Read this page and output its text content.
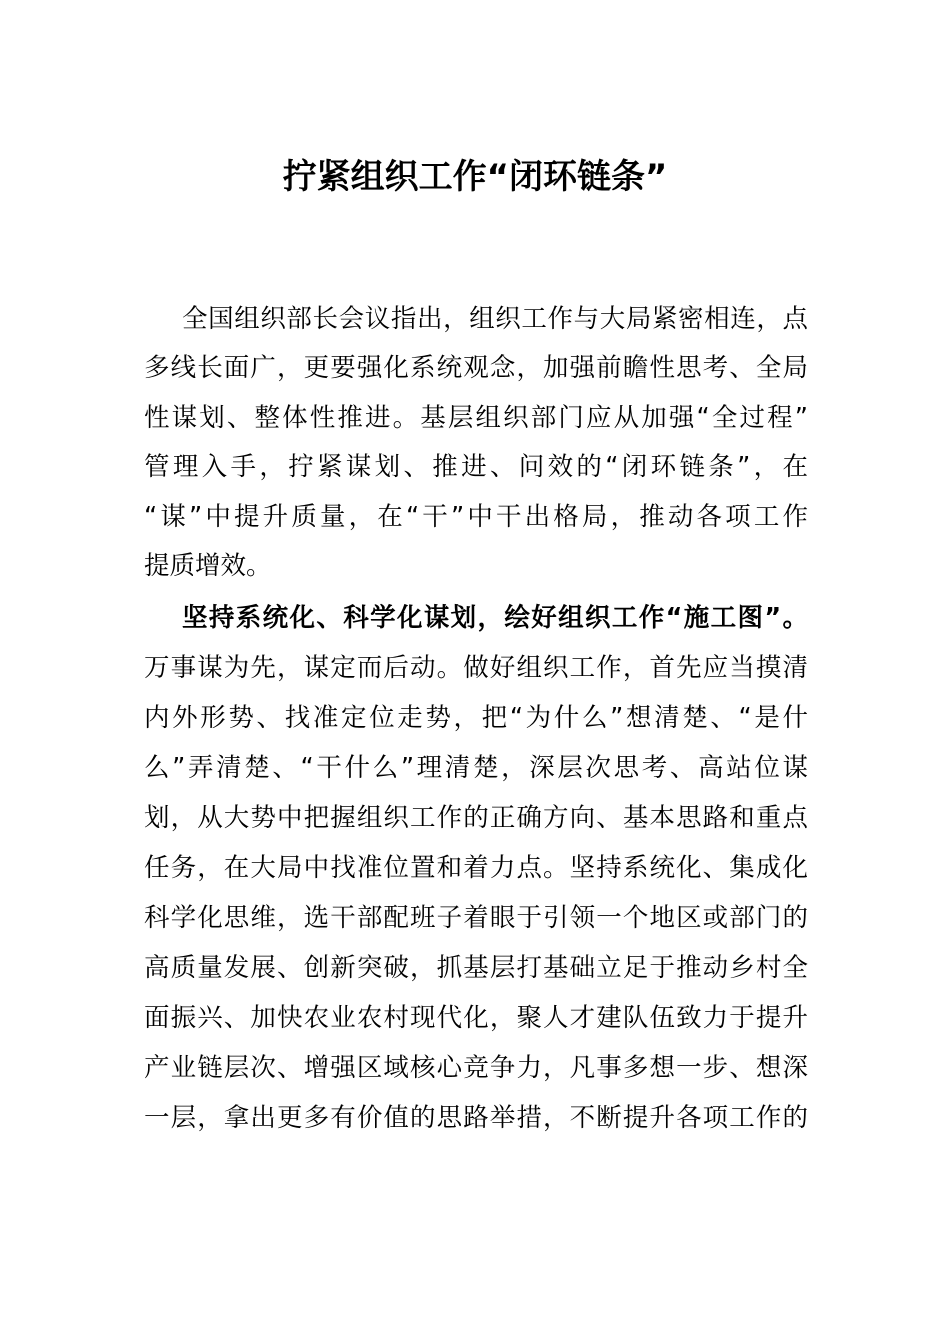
拧紧组织工作“闭环链条”
全国组织部长会议指出，组织工作与大局紧密相连，点
多线长面广，更要强化系统观念，加强前瞻性思考、全局
性谋划、整体性推进。基层组织部门应从加强“全过程”
管理入手，拧紧谋划、推进、问效的“闭环链条”，在
“谋”中提升质量，在“干”中干出格局，推动各项工作
提质增效。
坚持系统化、科学化谋划，绘好组织工作“施工图”。
万事谋为先，谋定而后动。做好组织工作，首先应当摸清
内外形势、找准定位走势，把“为什么”想清楚、“是什
么”弄清楚、“干什么”理清楚，深层次思考、高站位谋
划，从大势中把握组织工作的正确方向、基本思路和重点
任务，在大局中找准位置和着力点。坚持系统化、集成化
科学化思维，选干部配班子着眼于引领一个地区或部门的
高质量发展、创新突破，抓基层打基础立足于推动乡村全
面振兴、加快农业农村现代化，聚人才建队伍致力于提升
产业链层次、增强区域核心竞争力，凡事多想一步、想深
一层，拿出更多有价值的思路举措，不断提升各项工作的
